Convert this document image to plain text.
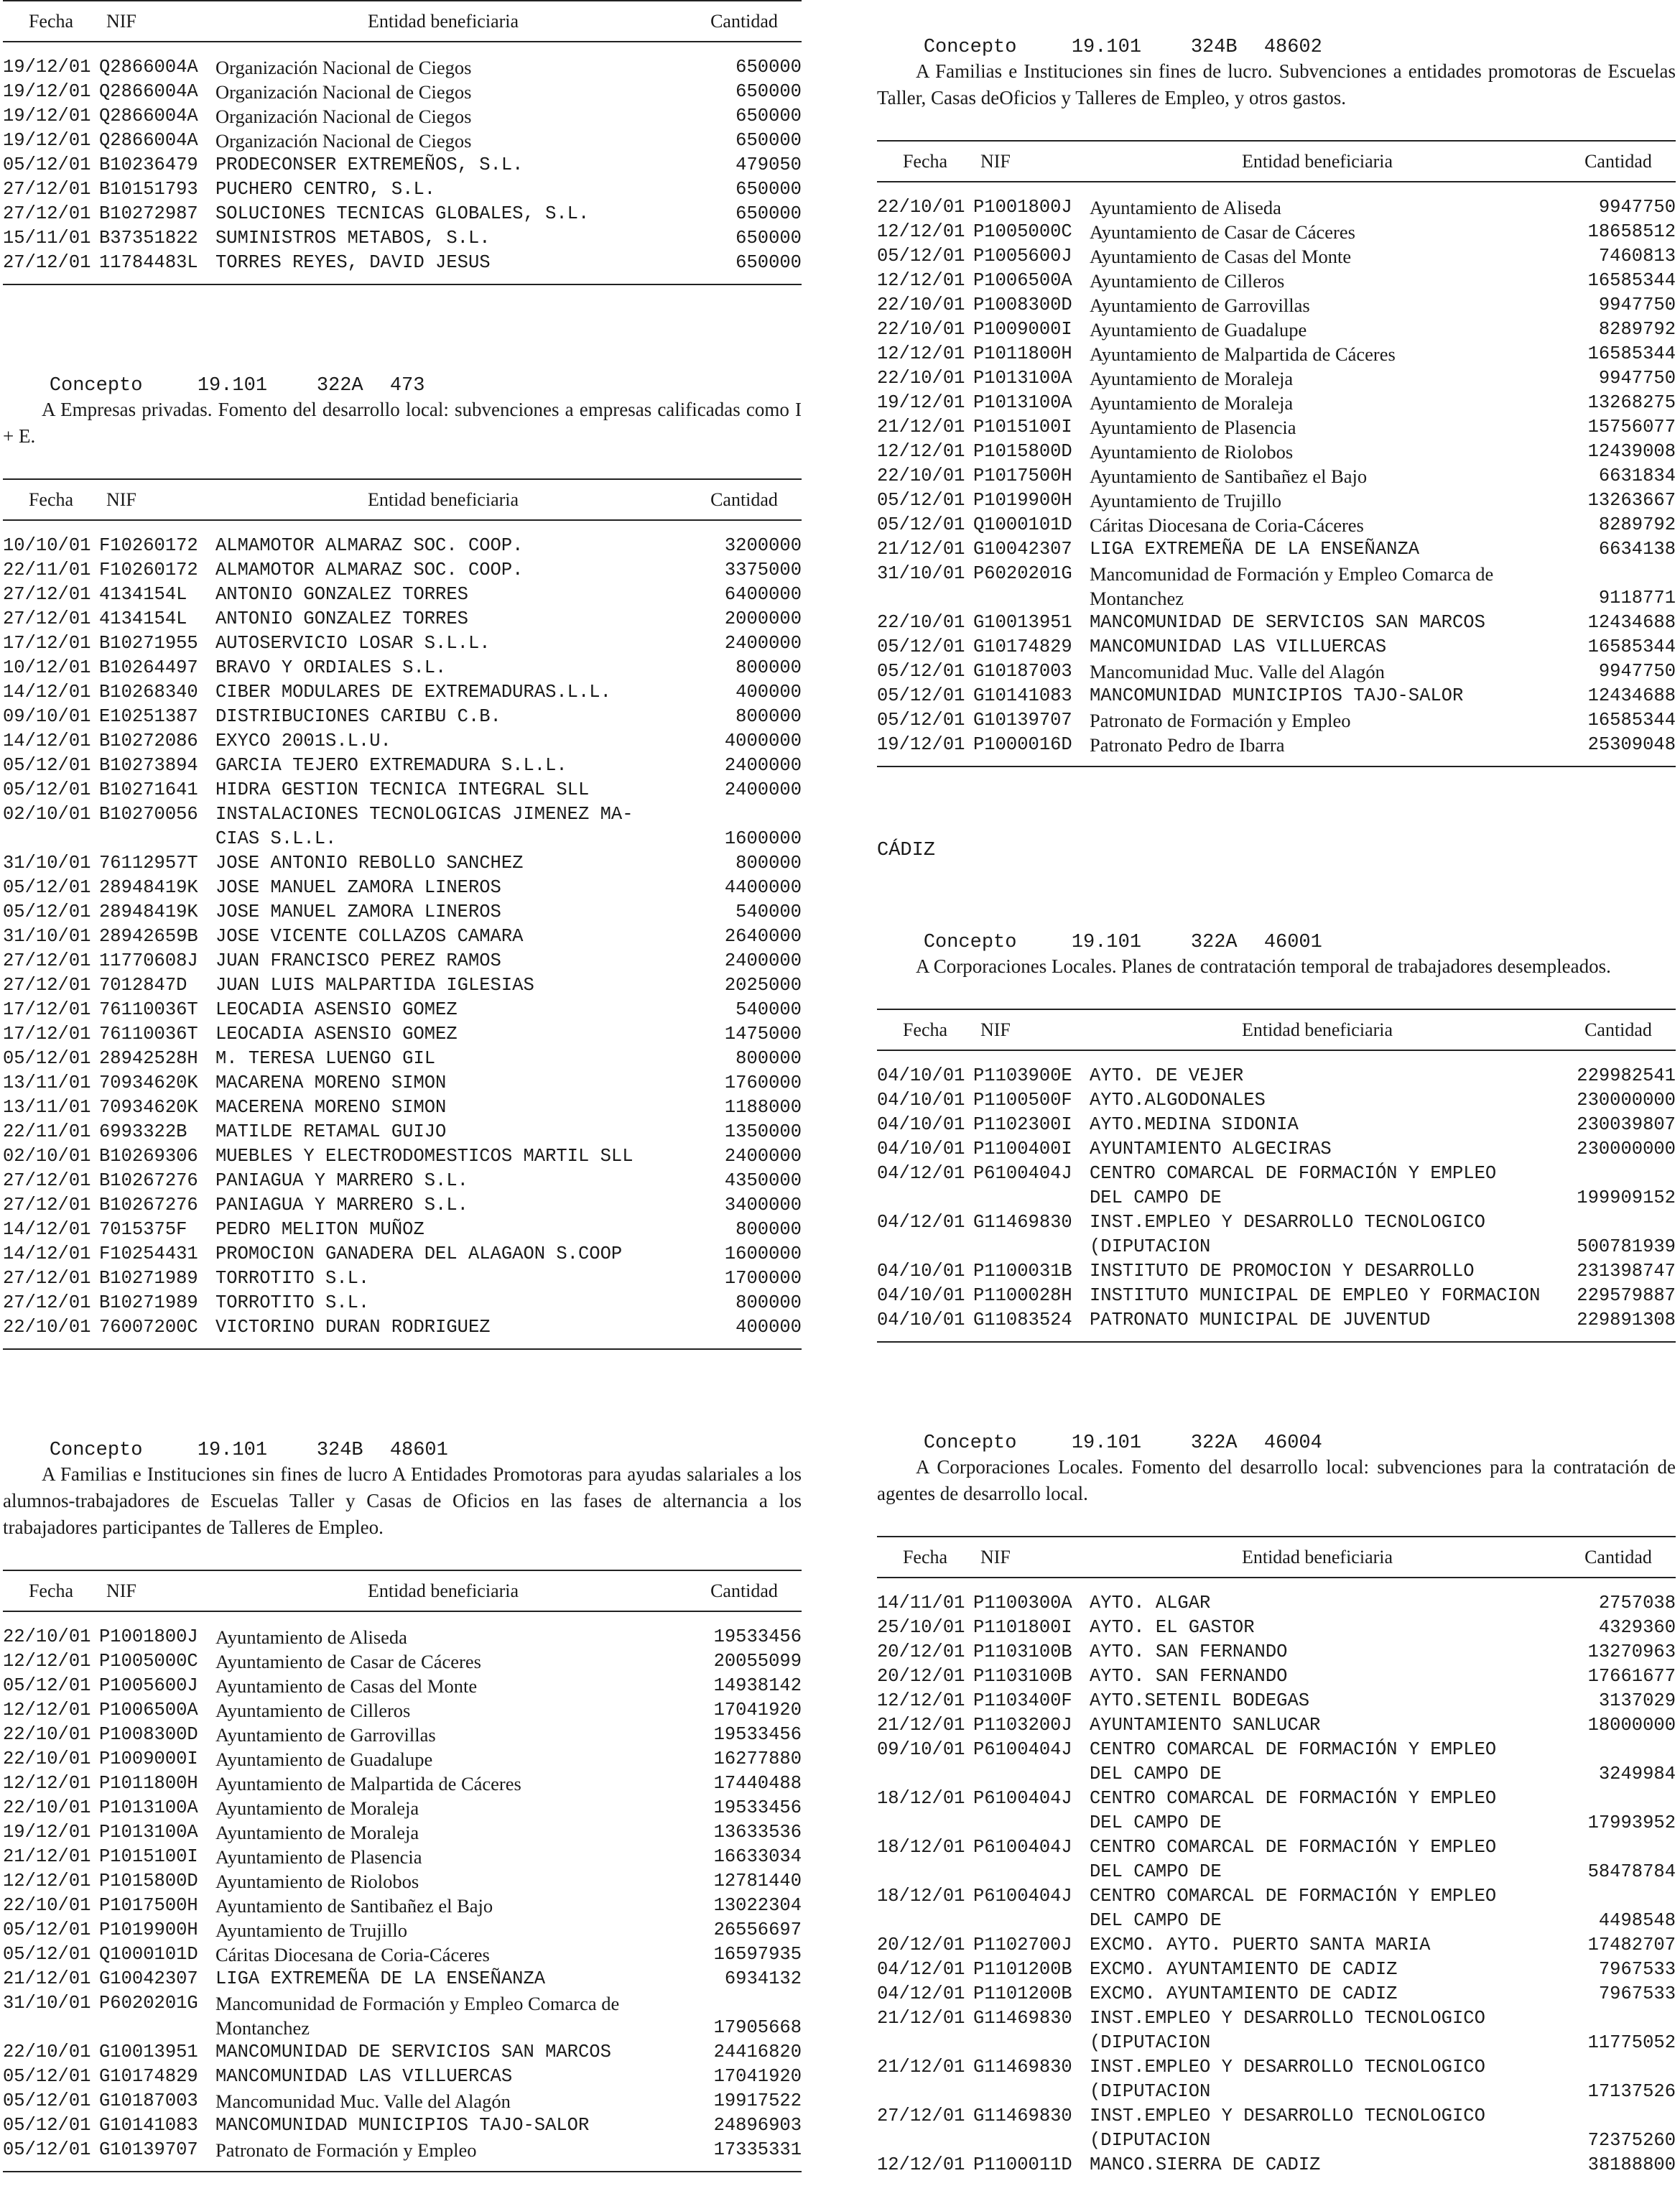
Fecha	NIF	Entidad beneficiaria	Cantidad
19/12/01 Q2866004A Organización Nacional de Ciegos	650000
19/12/01 Q2866004A Organización Nacional de Ciegos	650000
19/12/01 Q2866004A Organización Nacional de Ciegos	650000
19/12/01 Q2866004A Organización Nacional de Ciegos	650000
05/12/01 B10236479 PRODECONSER EXTREMEÑOS, S.L.	479050
27/12/01 B10151793 PUCHERO CENTRO, S.L.	650000
27/12/01 B10272987 SOLUCIONES TECNICAS GLOBALES, S.L.	650000
15/11/01 B37351822 SUMINISTROS METABOS, S.L.	650000
27/12/01 11784483L TORRES REYES, DAVID JESUS	650000

Concepto	19.101	322A 473

A Empresas privadas. Fomento del desarrollo local: subvenciones a empresas calificadas como I + E.
Fecha	NIF	Entidad beneficiaria	Cantidad
10/10/01 F10260172 ALMAMOTOR ALMARAZ SOC. COOP.	3200000
22/11/01 F10260172 ALMAMOTOR ALMARAZ SOC. COOP.	3375000
27/12/01 4134154L	ANTONIO GONZALEZ TORRES	6400000
27/12/01 4134154L	ANTONIO GONZALEZ TORRES	2000000
17/12/01 B10271955 AUTOSERVICIO LOSAR S.L.L.	2400000
10/12/01 B10264497 BRAVO Y ORDIALES S.L.	800000
14/12/01 B10268340 CIBER MODULARES DE EXTREMADURAS.L.L.	400000
09/10/01 E10251387 DISTRIBUCIONES CARIBU C.B.	800000
14/12/01 B10272086 EXYCO 2001S.L.U.	4000000
05/12/01 B10273894 GARCIA TEJERO EXTREMADURA S.L.L.	2400000
05/12/01 B10271641 HIDRA GESTION TECNICA INTEGRAL SLL	2400000
02/10/01 B10270056 INSTALACIONES TECNOLOGICAS JIMENEZ MA-
CIAS S.L.L.	1600000
31/10/01 76112957T JOSE ANTONIO REBOLLO SANCHEZ	800000
05/12/01 28948419K JOSE MANUEL ZAMORA LINEROS	4400000
05/12/01 28948419K JOSE MANUEL ZAMORA LINEROS	540000
31/10/01 28942659B JOSE VICENTE COLLAZOS CAMARA	2640000
27/12/01 11770608J JUAN FRANCISCO PEREZ RAMOS	2400000
27/12/01 7012847D	JUAN LUIS MALPARTIDA IGLESIAS	2025000
17/12/01 76110036T LEOCADIA ASENSIO GOMEZ	540000
17/12/01 76110036T LEOCADIA ASENSIO GOMEZ	1475000
05/12/01 28942528H M. TERESA LUENGO GIL	800000
13/11/01 70934620K MACARENA MORENO SIMON	1760000
13/11/01 70934620K MACERENA MORENO SIMON	1188000
22/11/01 6993322B	MATILDE RETAMAL GUIJO	1350000
02/10/01 B10269306 MUEBLES Y ELECTRODOMESTICOS MARTIL SLL	2400000
27/12/01 B10267276 PANIAGUA Y MARRERO S.L.	4350000
27/12/01 B10267276 PANIAGUA Y MARRERO S.L.	3400000
14/12/01 7015375F	PEDRO MELITON MUÑOZ	800000
14/12/01 F10254431 PROMOCION GANADERA DEL ALAGAON S.COOP	1600000
27/12/01 B10271989 TORROTITO S.L.	1700000
27/12/01 B10271989 TORROTITO S.L.	800000
22/10/01 76007200C VICTORINO DURAN RODRIGUEZ	400000

Concepto	19.101	324B 48601

A Familias e Instituciones sin fines de lucro A Entidades Promotoras para ayudas salariales a los alumnos-trabajadores de Escuelas Taller y Casas de Oficios en las fases de alternancia a los trabajadores participantes de Talleres de Empleo.
Fecha	NIF	Entidad beneficiaria	Cantidad
22/10/01 P1001800J Ayuntamiento de Aliseda	19533456
12/12/01 P1005000C Ayuntamiento de Casar de Cáceres	20055099
05/12/01 P1005600J Ayuntamiento de Casas del Monte	14938142
12/12/01 P1006500A Ayuntamiento de Cilleros	17041920
22/10/01 P1008300D Ayuntamiento de Garrovillas	19533456
22/10/01 P1009000I Ayuntamiento de Guadalupe	16277880
12/12/01 P1011800H Ayuntamiento de Malpartida de Cáceres	17440488
22/10/01 P1013100A Ayuntamiento de Moraleja	19533456
19/12/01 P1013100A Ayuntamiento de Moraleja	13633536
21/12/01 P1015100I Ayuntamiento de Plasencia	16633034
12/12/01 P1015800D Ayuntamiento de Riolobos	12781440
22/10/01 P1017500H Ayuntamiento de Santibañez el Bajo	13022304
05/12/01 P1019900H Ayuntamiento de Trujillo	26556697
05/12/01 Q1000101D Cáritas Diocesana de Coria-Cáceres	16597935
21/12/01 G10042307 LIGA EXTREMEÑA DE LA ENSEÑANZA	6934132
31/10/01 P6020201G Mancomunidad de Formación y Empleo Comarca de
Montanchez	17905668
22/10/01 G10013951 MANCOMUNIDAD DE SERVICIOS SAN MARCOS	24416820
05/12/01 G10174829 MANCOMUNIDAD LAS VILLUERCAS	17041920
05/12/01 G10187003 Mancomunidad Muc. Valle del Alagón	19917522
05/12/01 G10141083 MANCOMUNIDAD MUNICIPIOS TAJO-SALOR	24896903
05/12/01 G10139707 Patronato de Formación y Empleo	17335331

Concepto	19.101	324B 48602

A Familias e Instituciones sin fines de lucro. Subvenciones a entidades promotoras de Escuelas Taller, Casas deOficios y Talleres de Empleo, y otros gastos.
Fecha	NIF	Entidad beneficiaria	Cantidad
22/10/01 P1001800J Ayuntamiento de Aliseda	9947750
12/12/01 P1005000C Ayuntamiento de Casar de Cáceres	18658512
05/12/01 P1005600J Ayuntamiento de Casas del Monte	7460813
12/12/01 P1006500A Ayuntamiento de Cilleros	16585344
22/10/01 P1008300D Ayuntamiento de Garrovillas	9947750
22/10/01 P1009000I Ayuntamiento de Guadalupe	8289792
12/12/01 P1011800H Ayuntamiento de Malpartida de Cáceres	16585344
22/10/01 P1013100A Ayuntamiento de Moraleja	9947750
19/12/01 P1013100A Ayuntamiento de Moraleja	13268275
21/12/01 P1015100I Ayuntamiento de Plasencia	15756077
12/12/01 P1015800D Ayuntamiento de Riolobos	12439008
22/10/01 P1017500H Ayuntamiento de Santibañez el Bajo	6631834
05/12/01 P1019900H Ayuntamiento de Trujillo	13263667
05/12/01 Q1000101D Cáritas Diocesana de Coria-Cáceres	8289792
21/12/01 G10042307 LIGA EXTREMEÑA DE LA ENSEÑANZA	6634138
31/10/01 P6020201G Mancomunidad de Formación y Empleo Comarca de
Montanchez	9118771
22/10/01 G10013951 MANCOMUNIDAD DE SERVICIOS SAN MARCOS	12434688
05/12/01 G10174829 MANCOMUNIDAD LAS VILLUERCAS	16585344
05/12/01 G10187003 Mancomunidad Muc. Valle del Alagón	9947750
05/12/01 G10141083 MANCOMUNIDAD MUNICIPIOS TAJO-SALOR	12434688
05/12/01 G10139707 Patronato de Formación y Empleo	16585344
19/12/01 P1000016D Patronato Pedro de Ibarra	25309048
CÁDIZ

Concepto	19.101	322A 46001

A Corporaciones Locales. Planes de contratación temporal de trabajadores desempleados.
Fecha	NIF	Entidad beneficiaria	Cantidad
04/10/01 P1103900E AYTO. DE VEJER	229982541
04/10/01 P1100500F AYTO.ALGODONALES	230000000
04/10/01 P1102300I AYTO.MEDINA SIDONIA	230039807
04/10/01 P1100400I AYUNTAMIENTO ALGECIRAS	230000000
04/12/01 P6100404J CENTRO COMARCAL DE FORMACIÓN Y EMPLEO
DEL CAMPO DE	199909152
04/12/01 G11469830 INST.EMPLEO Y DESARROLLO TECNOLOGICO
(DIPUTACION	500781939
04/10/01 P1100031B INSTITUTO DE PROMOCION Y DESARROLLO	231398747
04/10/01 P1100028H INSTITUTO MUNICIPAL DE EMPLEO Y FORMACION	229579887
04/10/01 G11083524 PATRONATO MUNICIPAL DE JUVENTUD	229891308

Concepto	19.101	322A 46004

A Corporaciones Locales. Fomento del desarrollo local: subvenciones para la contratación de agentes de desarrollo local.
Fecha	NIF	Entidad beneficiaria	Cantidad
14/11/01 P1100300A AYTO. ALGAR	2757038
25/10/01 P1101800I AYTO. EL GASTOR	4329360
20/12/01 P1103100B AYTO. SAN FERNANDO	13270963
20/12/01 P1103100B AYTO. SAN FERNANDO	17661677
12/12/01 P1103400F AYTO.SETENIL BODEGAS	3137029
21/12/01 P1103200J AYUNTAMIENTO SANLUCAR	18000000
09/10/01 P6100404J CENTRO COMARCAL DE FORMACIÓN Y EMPLEO
DEL CAMPO DE	3249984
18/12/01 P6100404J CENTRO COMARCAL DE FORMACIÓN Y EMPLEO
DEL CAMPO DE	17993952
18/12/01 P6100404J CENTRO COMARCAL DE FORMACIÓN Y EMPLEO
DEL CAMPO DE	58478784
18/12/01 P6100404J CENTRO COMARCAL DE FORMACIÓN Y EMPLEO
DEL CAMPO DE	4498548
20/12/01 P1102700J EXCMO. AYTO. PUERTO SANTA MARIA	17482707
04/12/01 P1101200B EXCMO. AYUNTAMIENTO DE CADIZ	7967533
04/12/01 P1101200B EXCMO. AYUNTAMIENTO DE CADIZ	7967533
21/12/01 G11469830 INST.EMPLEO Y DESARROLLO TECNOLOGICO
(DIPUTACION	11775052
21/12/01 G11469830 INST.EMPLEO Y DESARROLLO TECNOLOGICO
(DIPUTACION	17137526
27/12/01 G11469830 INST.EMPLEO Y DESARROLLO TECNOLOGICO
(DIPUTACION	72375260
12/12/01 P1100011D MANCO.SIERRA DE CADIZ	38188800
